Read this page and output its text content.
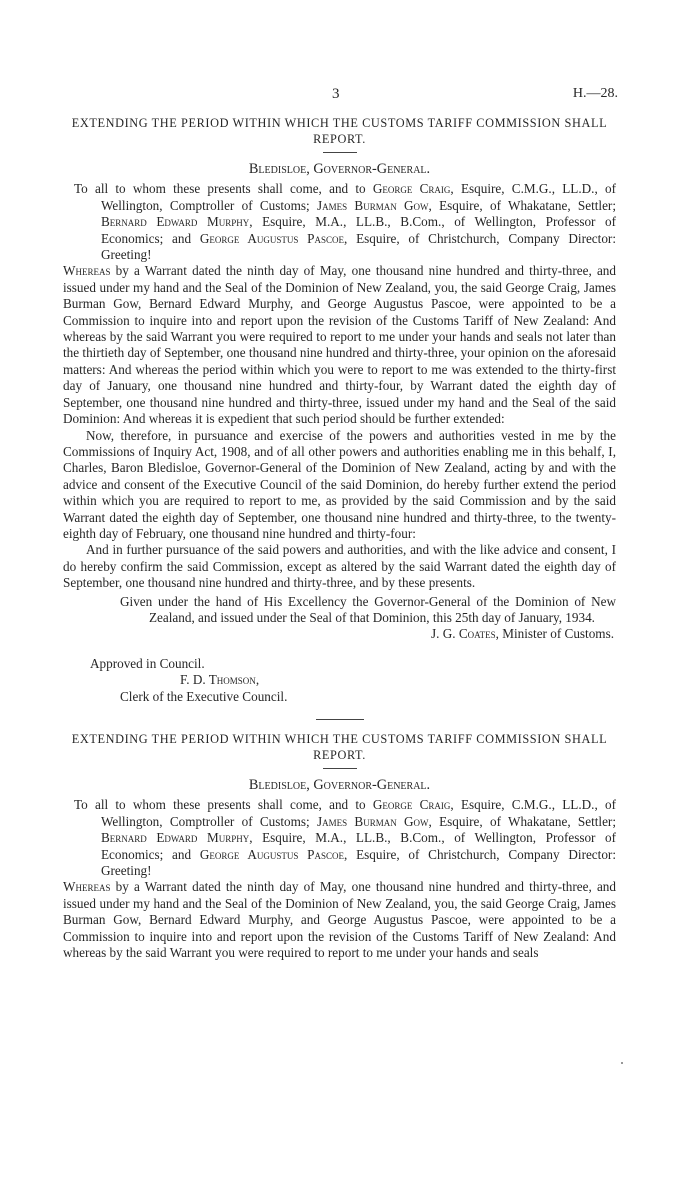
3	H.—28.

EXTENDING THE PERIOD WITHIN WHICH THE CUSTOMS TARIFF COMMISSION SHALL REPORT.

Bledisloe, Governor-General.

To all to whom these presents shall come, and to George Craig, Esquire, C.M.G., LL.D., of Wellington, Comptroller of Customs; James Burman Gow, Esquire, of Whakatane, Settler; Bernard Edward Murphy, Esquire, M.A., LL.B., B.Com., of Wellington, Professor of Economics; and George Augustus Pascoe, Esquire, of Christchurch, Company Director: Greeting!

Whereas by a Warrant dated the ninth day of May, one thousand nine hundred and thirty-three, and issued under my hand and the Seal of the Dominion of New Zealand, you, the said George Craig, James Burman Gow, Bernard Edward Murphy, and George Augustus Pascoe, were appointed to be a Commission to inquire into and report upon the revision of the Customs Tariff of New Zealand: And whereas by the said Warrant you were required to report to me under your hands and seals not later than the thirtieth day of September, one thousand nine hundred and thirty-three, your opinion on the aforesaid matters: And whereas the period within which you were to report to me was extended to the thirty-first day of January, one thousand nine hundred and thirty-four, by Warrant dated the eighth day of September, one thousand nine hundred and thirty-three, issued under my hand and the Seal of the said Dominion: And whereas it is expedient that such period should be further extended:

Now, therefore, in pursuance and exercise of the powers and authorities vested in me by the Commissions of Inquiry Act, 1908, and of all other powers and authorities enabling me in this behalf, I, Charles, Baron Bledisloe, Governor-General of the Dominion of New Zealand, acting by and with the advice and consent of the Executive Council of the said Dominion, do hereby further extend the period within which you are required to report to me, as provided by the said Commission and by the said Warrant dated the eighth day of September, one thousand nine hundred and thirty-three, to the twenty-eighth day of February, one thousand nine hundred and thirty-four:

And in further pursuance of the said powers and authorities, and with the like advice and consent, I do hereby confirm the said Commission, except as altered by the said Warrant dated the eighth day of September, one thousand nine hundred and thirty-three, and by these presents.

Given under the hand of His Excellency the Governor-General of the Dominion of New Zealand, and issued under the Seal of that Dominion, this 25th day of January, 1934.

J. G. Coates, Minister of Customs.

Approved in Council.
F. D. Thomson,
Clerk of the Executive Council.

EXTENDING THE PERIOD WITHIN WHICH THE CUSTOMS TARIFF COMMISSION SHALL REPORT.

Bledisloe, Governor-General.

To all to whom these presents shall come, and to George Craig, Esquire, C.M.G., LL.D., of Wellington, Comptroller of Customs; James Burman Gow, Esquire, of Whakatane, Settler; Bernard Edward Murphy, Esquire, M.A., LL.B., B.Com., of Wellington, Professor of Economics; and George Augustus Pascoe, Esquire, of Christchurch, Company Director: Greeting!

Whereas by a Warrant dated the ninth day of May, one thousand nine hundred and thirty-three, and issued under my hand and the Seal of the Dominion of New Zealand, you, the said George Craig, James Burman Gow, Bernard Edward Murphy, and George Augustus Pascoe, were appointed to be a Commission to inquire into and report upon the revision of the Customs Tariff of New Zealand: And whereas by the said Warrant you were required to report to me under your hands and seals
